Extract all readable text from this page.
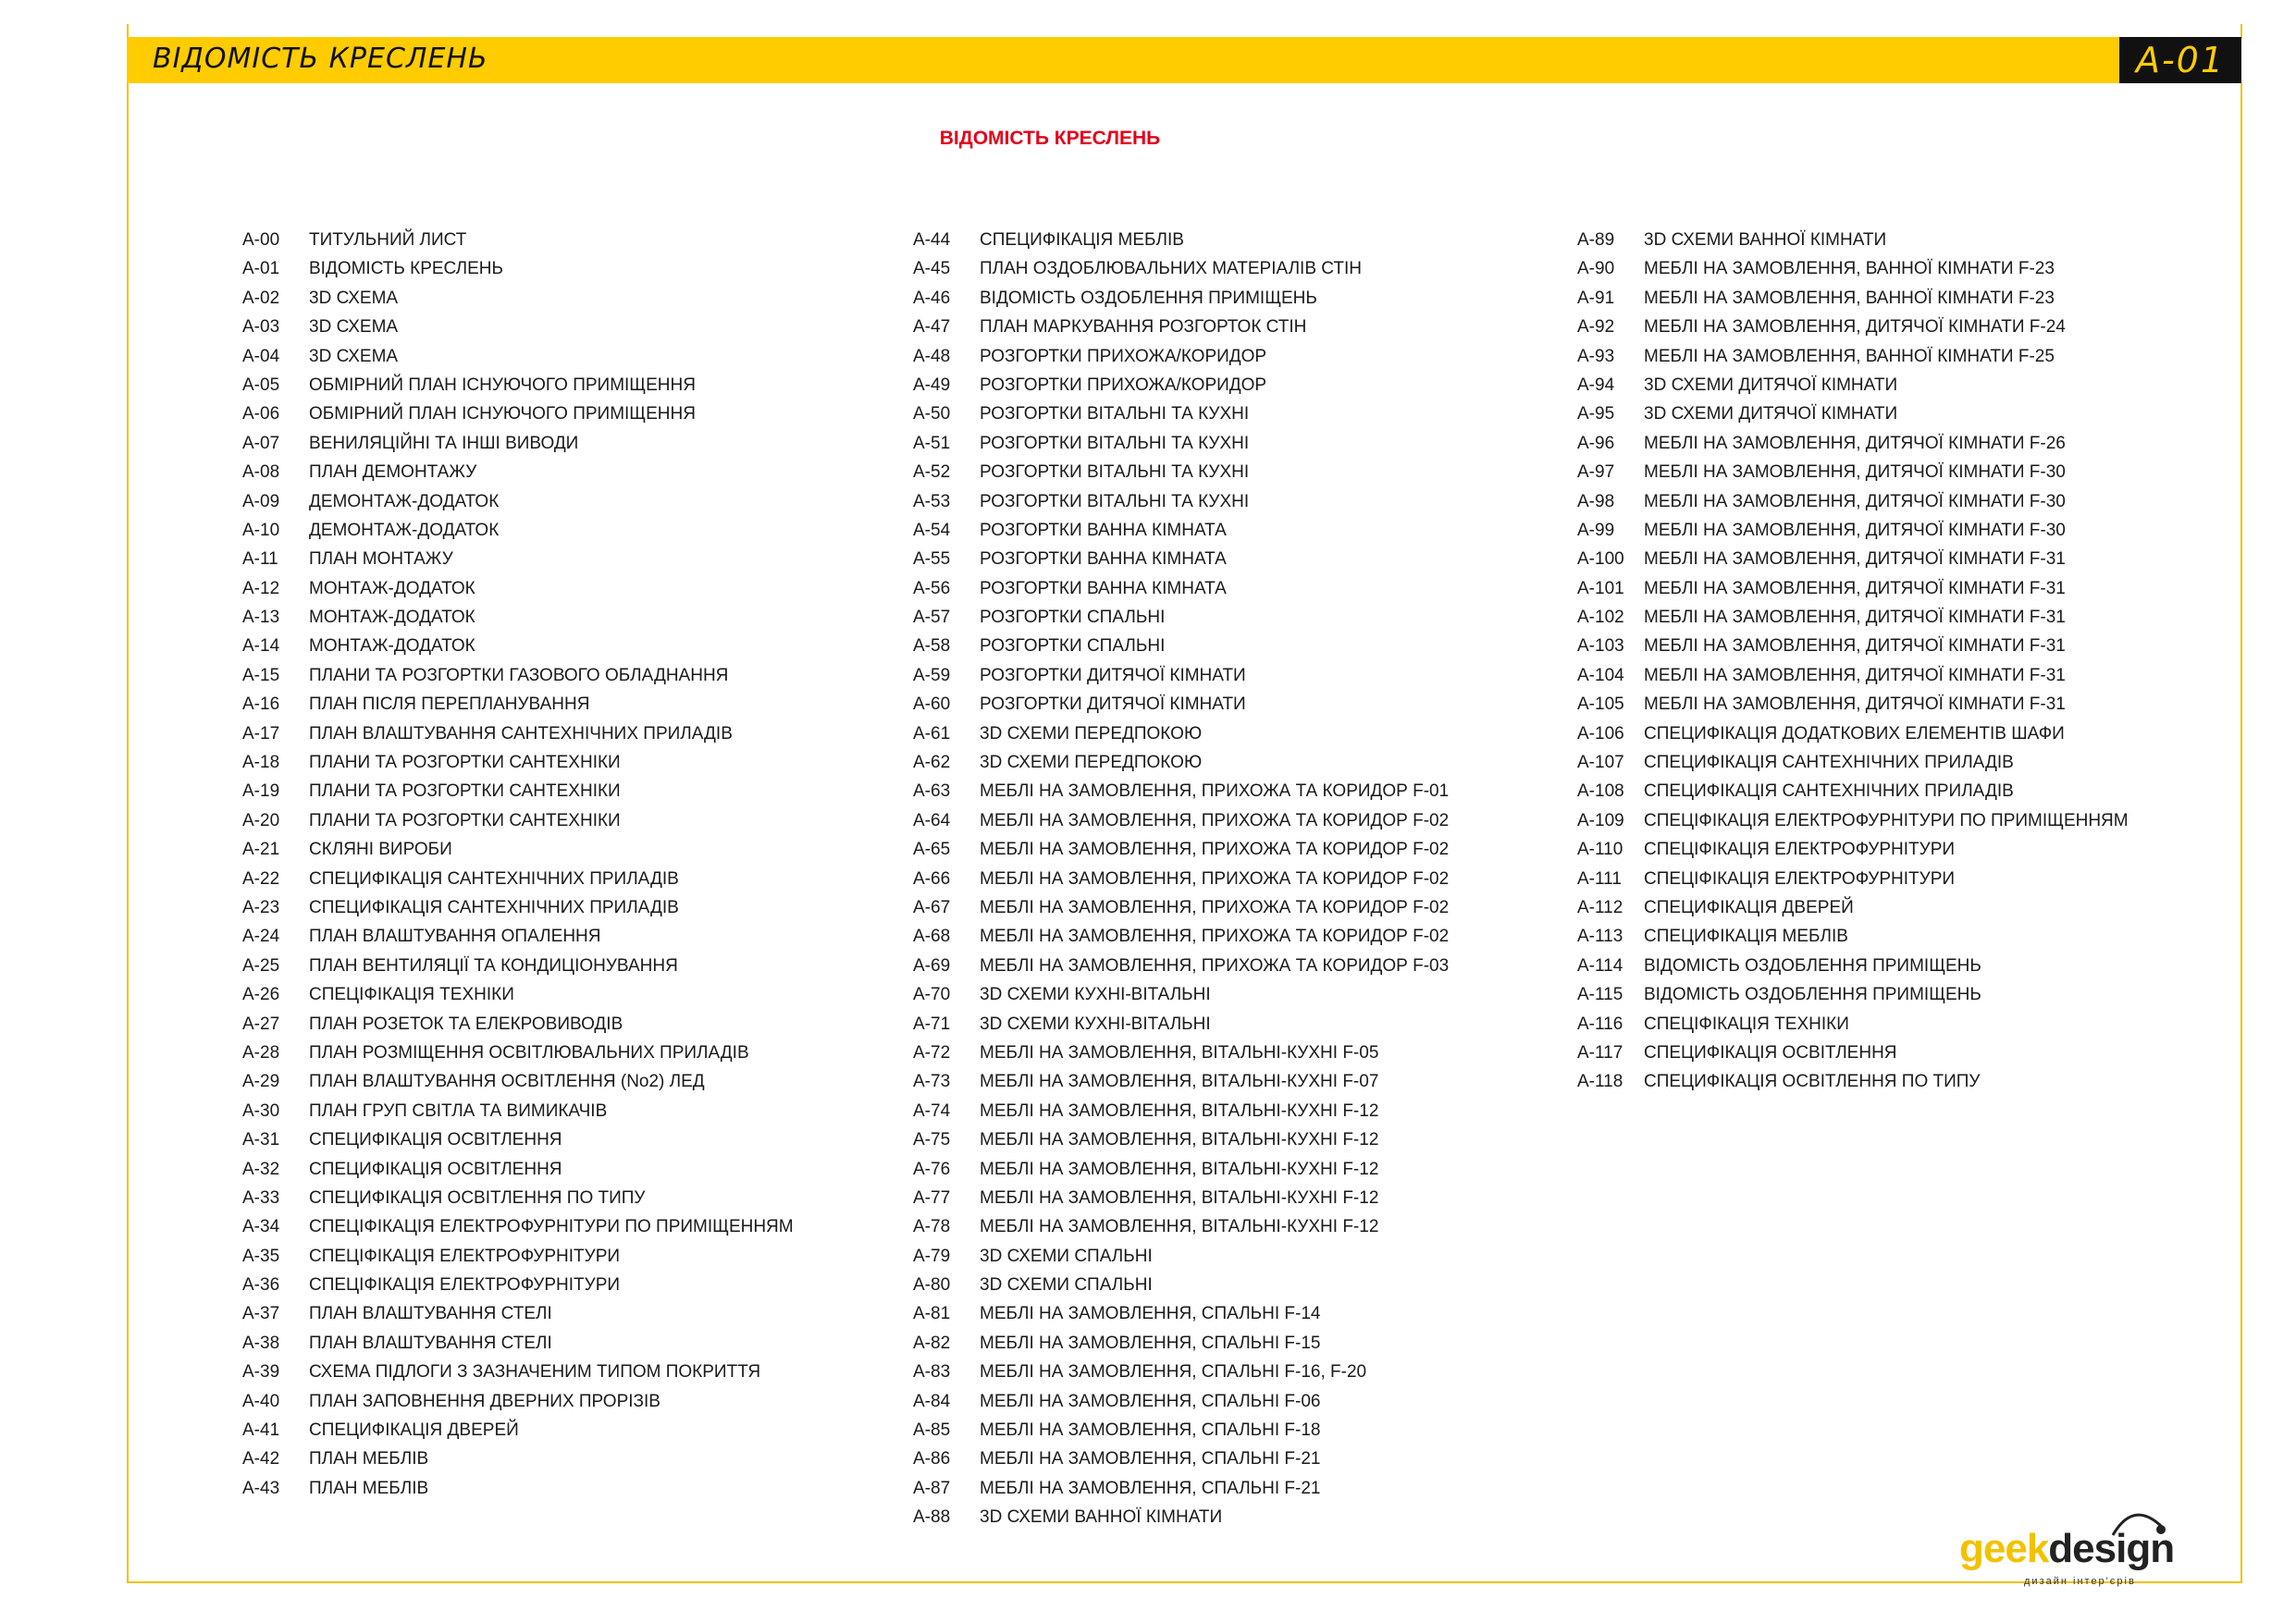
ВІДОМІСТЬ КРЕСЛЕНЬ	А-01
ВІДОМІСТЬ КРЕСЛЕНЬ
А-00 ТИТУЛЬНИЙ ЛИСТ
А-01 ВІДОМІСТЬ КРЕСЛЕНЬ
А-02 3D СХЕМА
А-03 3D СХЕМА
А-04 3D СХЕМА
А-05 ОБМІРНИЙ ПЛАН ІСНУЮЧОГО ПРИМІЩЕННЯ
А-06 ОБМІРНИЙ ПЛАН ІСНУЮЧОГО ПРИМІЩЕННЯ
А-07 ВЕНИЛЯЦІЙНІ ТА ІНШІ ВИВОДИ
А-08 ПЛАН ДЕМОНТАЖУ
А-09 ДЕМОНТАЖ-ДОДАТОК
А-10 ДЕМОНТАЖ-ДОДАТОК
А-11 ПЛАН МОНТАЖУ
А-12 МОНТАЖ-ДОДАТОК
А-13 МОНТАЖ-ДОДАТОК
А-14 МОНТАЖ-ДОДАТОК
А-15 ПЛАНИ ТА РОЗГОРТКИ ГАЗОВОГО ОБЛАДНАННЯ
А-16 ПЛАН ПІСЛЯ ПЕРЕПЛАНУВАННЯ
А-17 ПЛАН ВЛАШТУВАННЯ САНТЕХНІЧНИХ ПРИЛАДІВ
А-18 ПЛАНИ ТА РОЗГОРТКИ САНТЕХНІКИ
А-19 ПЛАНИ ТА РОЗГОРТКИ САНТЕХНІКИ
А-20 ПЛАНИ ТА РОЗГОРТКИ САНТЕХНІКИ
А-21 СКЛЯНІ ВИРОБИ
А-22 СПЕЦИФІКАЦІЯ САНТЕХНІЧНИХ ПРИЛАДІВ
А-23 СПЕЦИФІКАЦІЯ САНТЕХНІЧНИХ ПРИЛАДІВ
А-24 ПЛАН ВЛАШТУВАННЯ ОПАЛЕННЯ
А-25 ПЛАН ВЕНТИЛЯЦІЇ ТА КОНДИЦІОНУВАННЯ
А-26 СПЕЦІФІКАЦІЯ ТЕХНІКИ
А-27 ПЛАН РОЗЕТОК ТА ЕЛЕКРОВИВОДІВ
А-28 ПЛАН РОЗМІЩЕННЯ ОСВІТЛЮВАЛЬНИХ ПРИЛАДІВ
А-29 ПЛАН ВЛАШТУВАННЯ ОСВІТЛЕННЯ (No2) ЛЕД
А-30 ПЛАН ГРУП СВІТЛА ТА ВИМИКАЧІВ
А-31 СПЕЦИФІКАЦІЯ ОСВІТЛЕННЯ
А-32 СПЕЦИФІКАЦІЯ ОСВІТЛЕННЯ
А-33 СПЕЦИФІКАЦІЯ ОСВІТЛЕННЯ ПО ТИПУ
А-34 СПЕЦІФІКАЦІЯ ЕЛЕКТРОФУРНІТУРИ ПО ПРИМІЩЕННЯМ
А-35 СПЕЦІФІКАЦІЯ ЕЛЕКТРОФУРНІТУРИ
А-36 СПЕЦІФІКАЦІЯ ЕЛЕКТРОФУРНІТУРИ
А-37 ПЛАН ВЛАШТУВАННЯ СТЕЛІ
А-38 ПЛАН ВЛАШТУВАННЯ СТЕЛІ
А-39 СХЕМА ПІДЛОГИ З ЗАЗНАЧЕНИМ ТИПОМ ПОКРИТТЯ
А-40 ПЛАН ЗАПОВНЕННЯ ДВЕРНИХ ПРОРІЗІВ
А-41 СПЕЦИФІКАЦІЯ ДВЕРЕЙ
А-42 ПЛАН МЕБЛІВ
А-43 ПЛАН МЕБЛІВ
А-44 СПЕЦИФІКАЦІЯ МЕБЛІВ
А-45 ПЛАН ОЗДОБЛЮВАЛЬНИХ МАТЕРІАЛІВ СТІН
А-46 ВІДОМІСТЬ ОЗДОБЛЕННЯ ПРИМІЩЕНЬ
А-47 ПЛАН МАРКУВАННЯ РОЗГОРТОК СТІН
А-48 РОЗГОРТКИ ПРИХОЖА/КОРИДОР
А-49 РОЗГОРТКИ ПРИХОЖА/КОРИДОР
А-50 РОЗГОРТКИ ВІТАЛЬНІ ТА КУХНІ
А-51 РОЗГОРТКИ ВІТАЛЬНІ ТА КУХНІ
А-52 РОЗГОРТКИ ВІТАЛЬНІ ТА КУХНІ
А-53 РОЗГОРТКИ ВІТАЛЬНІ ТА КУХНІ
А-54 РОЗГОРТКИ ВАННА КІМНАТА
А-55 РОЗГОРТКИ ВАННА КІМНАТА
А-56 РОЗГОРТКИ ВАННА КІМНАТА
А-57 РОЗГОРТКИ СПАЛЬНІ
А-58 РОЗГОРТКИ СПАЛЬНІ
А-59 РОЗГОРТКИ ДИТЯЧОЇ КІМНАТИ
А-60 РОЗГОРТКИ ДИТЯЧОЇ КІМНАТИ
А-61 3D СХЕМИ ПЕРЕДПОКОЮ
А-62 3D СХЕМИ ПЕРЕДПОКОЮ
А-63 МЕБЛІ НА ЗАМОВЛЕННЯ, ПРИХОЖА ТА КОРИДОР F-01
А-64 МЕБЛІ НА ЗАМОВЛЕННЯ, ПРИХОЖА ТА КОРИДОР F-02
А-65 МЕБЛІ НА ЗАМОВЛЕННЯ, ПРИХОЖА ТА КОРИДОР F-02
А-66 МЕБЛІ НА ЗАМОВЛЕННЯ, ПРИХОЖА ТА КОРИДОР F-02
А-67 МЕБЛІ НА ЗАМОВЛЕННЯ, ПРИХОЖА ТА КОРИДОР F-02
А-68 МЕБЛІ НА ЗАМОВЛЕННЯ, ПРИХОЖА ТА КОРИДОР F-02
А-69 МЕБЛІ НА ЗАМОВЛЕННЯ, ПРИХОЖА ТА КОРИДОР F-03
А-70 3D СХЕМИ КУХНІ-ВІТАЛЬНІ
А-71 3D СХЕМИ КУХНІ-ВІТАЛЬНІ
А-72 МЕБЛІ НА ЗАМОВЛЕННЯ, ВІТАЛЬНІ-КУХНІ F-05
А-73 МЕБЛІ НА ЗАМОВЛЕННЯ, ВІТАЛЬНІ-КУХНІ F-07
А-74 МЕБЛІ НА ЗАМОВЛЕННЯ, ВІТАЛЬНІ-КУХНІ F-12
А-75 МЕБЛІ НА ЗАМОВЛЕННЯ, ВІТАЛЬНІ-КУХНІ F-12
А-76 МЕБЛІ НА ЗАМОВЛЕННЯ, ВІТАЛЬНІ-КУХНІ F-12
А-77 МЕБЛІ НА ЗАМОВЛЕННЯ, ВІТАЛЬНІ-КУХНІ F-12
А-78 МЕБЛІ НА ЗАМОВЛЕННЯ, ВІТАЛЬНІ-КУХНІ F-12
А-79 3D СХЕМИ СПАЛЬНІ
А-80 3D СХЕМИ СПАЛЬНІ
А-81 МЕБЛІ НА ЗАМОВЛЕННЯ, СПАЛЬНІ F-14
А-82 МЕБЛІ НА ЗАМОВЛЕННЯ, СПАЛЬНІ F-15
А-83 МЕБЛІ НА ЗАМОВЛЕННЯ, СПАЛЬНІ F-16, F-20
А-84 МЕБЛІ НА ЗАМОВЛЕННЯ, СПАЛЬНІ F-06
А-85 МЕБЛІ НА ЗАМОВЛЕННЯ, СПАЛЬНІ F-18
А-86 МЕБЛІ НА ЗАМОВЛЕННЯ, СПАЛЬНІ F-21
А-87 МЕБЛІ НА ЗАМОВЛЕННЯ, СПАЛЬНІ F-21
А-88 3D СХЕМИ ВАННОЇ КІМНАТИ
А-89 3D СХЕМИ ВАННОЇ КІМНАТИ
А-90 МЕБЛІ НА ЗАМОВЛЕННЯ, ВАННОЇ КІМНАТИ F-23
А-91 МЕБЛІ НА ЗАМОВЛЕННЯ, ВАННОЇ КІМНАТИ F-23
А-92 МЕБЛІ НА ЗАМОВЛЕННЯ, ДИТЯЧОЇ КІМНАТИ F-24
А-93 МЕБЛІ НА ЗАМОВЛЕННЯ, ВАННОЇ КІМНАТИ F-25
А-94 3D СХЕМИ ДИТЯЧОЇ КІМНАТИ
А-95 3D СХЕМИ ДИТЯЧОЇ КІМНАТИ
А-96 МЕБЛІ НА ЗАМОВЛЕННЯ, ДИТЯЧОЇ КІМНАТИ F-26
А-97 МЕБЛІ НА ЗАМОВЛЕННЯ, ДИТЯЧОЇ КІМНАТИ F-30
А-98 МЕБЛІ НА ЗАМОВЛЕННЯ, ДИТЯЧОЇ КІМНАТИ F-30
А-99 МЕБЛІ НА ЗАМОВЛЕННЯ, ДИТЯЧОЇ КІМНАТИ F-30
А-100 МЕБЛІ НА ЗАМОВЛЕННЯ, ДИТЯЧОЇ КІМНАТИ F-31
А-101 МЕБЛІ НА ЗАМОВЛЕННЯ, ДИТЯЧОЇ КІМНАТИ F-31
А-102 МЕБЛІ НА ЗАМОВЛЕННЯ, ДИТЯЧОЇ КІМНАТИ F-31
А-103 МЕБЛІ НА ЗАМОВЛЕННЯ, ДИТЯЧОЇ КІМНАТИ F-31
А-104 МЕБЛІ НА ЗАМОВЛЕННЯ, ДИТЯЧОЇ КІМНАТИ F-31
А-105 МЕБЛІ НА ЗАМОВЛЕННЯ, ДИТЯЧОЇ КІМНАТИ F-31
А-106 СПЕЦИФІКАЦІЯ ДОДАТКОВИХ ЕЛЕМЕНТІВ ШАФИ
А-107 СПЕЦИФІКАЦІЯ САНТЕХНІЧНИХ ПРИЛАДІВ
А-108 СПЕЦИФІКАЦІЯ САНТЕХНІЧНИХ ПРИЛАДІВ
А-109 СПЕЦІФІКАЦІЯ ЕЛЕКТРОФУРНІТУРИ ПО ПРИМІЩЕННЯМ
А-110 СПЕЦІФІКАЦІЯ ЕЛЕКТРОФУРНІТУРИ
А-111 СПЕЦІФІКАЦІЯ ЕЛЕКТРОФУРНІТУРИ
А-112 СПЕЦИФІКАЦІЯ ДВЕРЕЙ
А-113 СПЕЦИФІКАЦІЯ МЕБЛІВ
А-114 ВІДОМІСТЬ ОЗДОБЛЕННЯ ПРИМІЩЕНЬ
А-115 ВІДОМІСТЬ ОЗДОБЛЕННЯ ПРИМІЩЕНЬ
А-116 СПЕЦІФІКАЦІЯ ТЕХНІКИ
А-117 СПЕЦИФІКАЦІЯ ОСВІТЛЕННЯ
А-118 СПЕЦИФІКАЦІЯ ОСВІТЛЕННЯ ПО ТИПУ
geekdesign
дизайн інтер'єрів
